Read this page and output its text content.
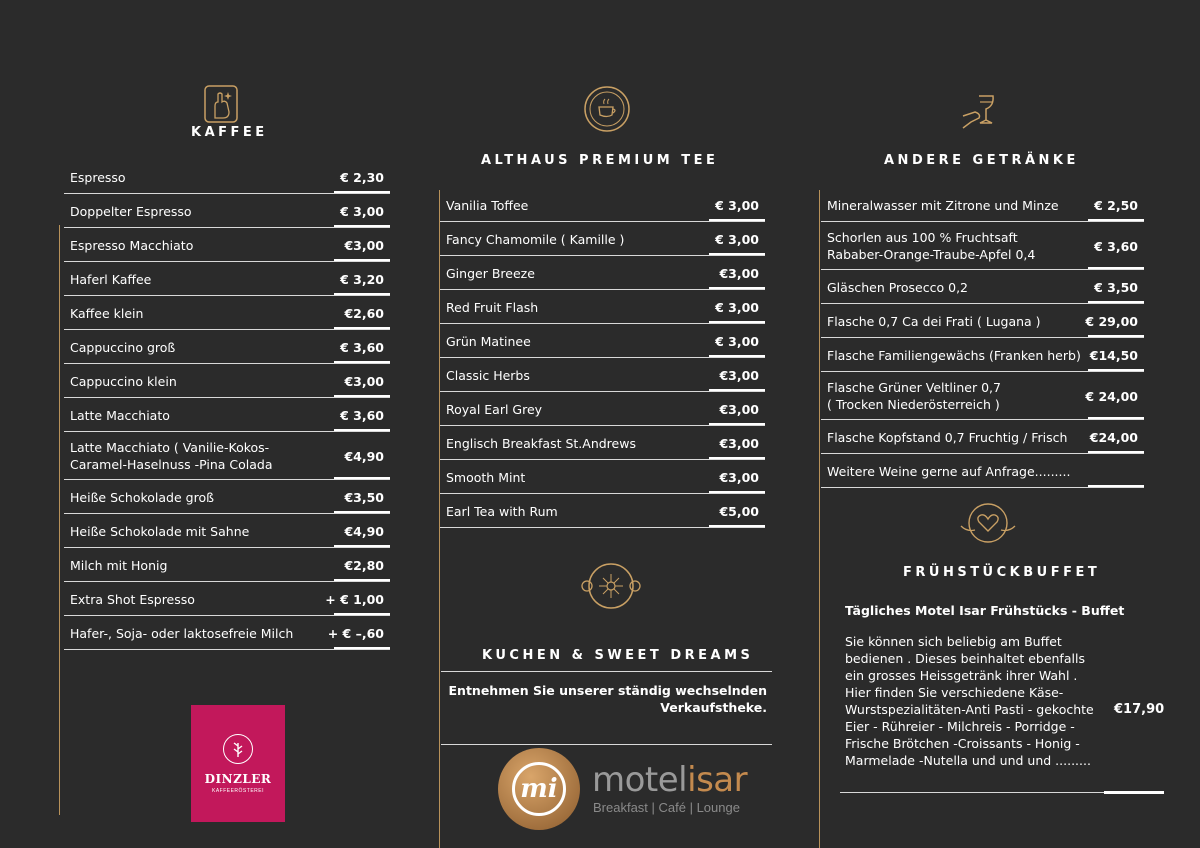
KAFFEE
Espresso	€ 2,30
Doppelter Espresso	€ 3,00
Espresso Macchiato	€3,00
Haferl Kaffee	€ 3,20
Kaffee klein	€2,60
Cappuccino groß	€ 3,60
Cappuccino klein	€3,00
Latte Macchiato	€ 3,60
Latte Macchiato ( Vanilie-Kokos-
Caramel-Haselnuss -Pina Colada
€4,90
Heiße Schokolade groß	€3,50
Heiße Schokolade mit Sahne	€4,90
Milch mit Honig	€2,80
Extra Shot Espresso	+ € 1,00
Hafer-, Soja- oder laktosefreie Milch	+ € –,60
DINZLER
KAFFEERÖSTEREI
ALTHAUS PREMIUM TEE
Vanilia Toffee	€ 3,00
Fancy Chamomile ( Kamille )	€ 3,00
Ginger Breeze	€3,00
Red Fruit Flash	€ 3,00
Grün Matinee	€ 3,00
Classic Herbs	€3,00
Royal Earl Grey	€3,00
Englisch Breakfast St.Andrews	€3,00
Smooth Mint	€3,00
Earl Tea with Rum	€5,00
KUCHEN & SWEET DREAMS
Entnehmen Sie unserer ständig wechselnden
Verkaufstheke.
mi motelisar
Breakfast | Café | Lounge
ANDERE GETRÄNKE
Mineralwasser mit Zitrone und Minze	€ 2,50
Schorlen aus 100 % Fruchtsaft
Rababer-Orange-Traube-Apfel 0,4
€ 3,60
Gläschen Prosecco 0,2	€ 3,50
Flasche 0,7 Ca dei Frati ( Lugana )	€ 29,00
Flasche Familiengewächs (Franken herb) €14,50
Flasche Grüner Veltliner 0,7
( Trocken Niederösterreich )
€ 24,00
Flasche Kopfstand 0,7 Fruchtig / Frisch €24,00
Weitere Weine gerne auf Anfrage.........
FRÜHSTÜCKBUFFET
Tägliches Motel Isar Frühstücks - Buffet
Sie können sich beliebig am Buffet
bedienen . Dieses beinhaltet ebenfalls
ein grosses Heissgetränk ihrer Wahl .
Hier finden Sie verschiedene Käse-
Wurstspezialitäten-Anti Pasti - gekochte
Eier - Rühreier - Milchreis - Porridge -
Frische Brötchen -Croissants - Honig -
Marmelade -Nutella und und und .........
€17,90
